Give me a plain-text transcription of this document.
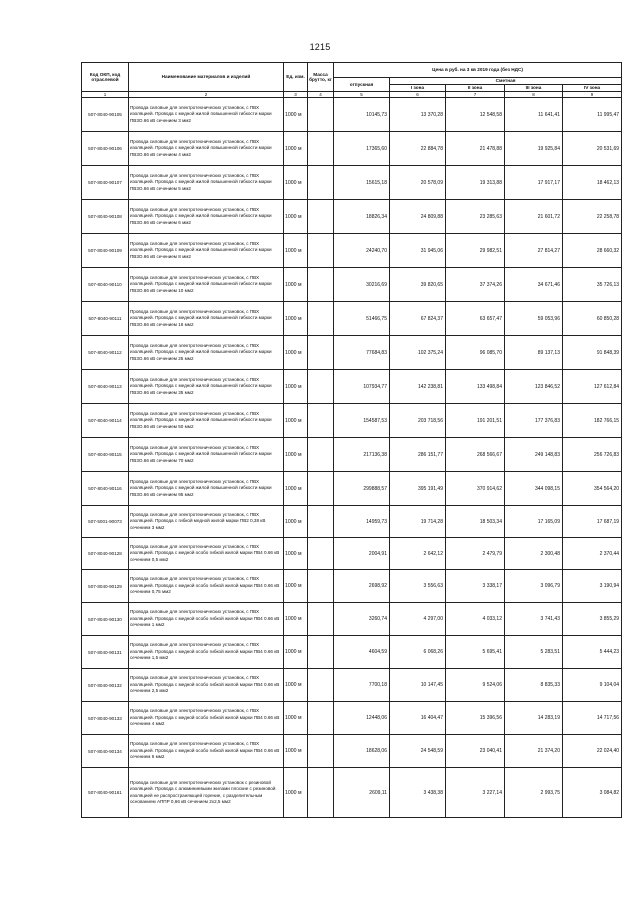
1215
Код ОКП, код отраслевой	Наименование материалов и изделий	Ед. изм.	Масса брутто, кг	Цена в руб. на 3 кв 2019 года (без НДС)				
				отпускная	Сметная			
					I зона	II зона	III зона	IV зона
1	2	3	4	5	6	7	8	9
507-8040-90105	Провода силовые для электротехнических установок, с ПВХ изоляцией. Провода с медной жилой повышенной гибкости марки ПВ3О.66 кВ сечением 3 мм2	1000 м		10145,73	13 370,28	12 548,58	11 641,41	11 995,47
507-8040-90106	Провода силовые для электротехнических установок, с ПВХ изоляцией. Провода с медной жилой повышенной гибкости марки ПВ3О.66 кВ сечением 4 мм2	1000 м		17365,60	22 884,78	21 478,88	19 925,84	20 531,69
507-8040-90107	Провода силовые для электротехнических установок, с ПВХ изоляцией. Провода с медной жилой повышенной гибкости марки ПВ3О.66 кВ сечением 5 мм2	1000 м		15615,18	20 578,09	19 313,88	17 917,17	18 462,13
507-8040-90108	Провода силовые для электротехнических установок, с ПВХ изоляцией. Провода с медной жилой повышенной гибкости марки ПВ3О.66 кВ сечением 6 мм2	1000 м		18826,34	24 809,88	23 285,63	21 601,72	22 258,78
507-8040-90109	Провода силовые для электротехнических установок, с ПВХ изоляцией. Провода с медной жилой повышенной гибкости марки ПВ3О.66 кВ сечением 8 мм2	1000 м		24240,70	31 945,06	29 982,51	27 814,27	28 660,32
507-8040-90110	Провода силовые для электротехнических установок, с ПВХ изоляцией. Провода с медной жилой повышенной гибкости марки ПВ3О.66 кВ сечением 10 мм2	1000 м		30216,69	39 820,65	37 374,26	34 671,46	35 726,13
507-8040-90111	Провода силовые для электротехнических установок, с ПВХ изоляцией. Провода с медной жилой повышенной гибкости марки ПВ3О.66 кВ сечением 16 мм2	1000 м		51466,75	67 824,37	63 657,47	59 053,96	60 850,28
507-8040-90112	Провода силовые для электротехнических установок, с ПВХ изоляцией. Провода с медной жилой повышенной гибкости марки ПВ3О.66 кВ сечением 25 мм2	1000 м		77684,83	102 375,24	96 085,70	89 137,13	91 848,39
507-8040-90113	Провода силовые для электротехнических установок, с ПВХ изоляцией. Провода с медной жилой повышенной гибкости марки ПВ3О.66 кВ сечением 35 мм2	1000 м		107934,77	142 238,81	133 498,84	123 846,52	127 612,84
507-8040-90114	Провода силовые для электротехнических установок, с ПВХ изоляцией. Провода с медной жилой повышенной гибкости марки ПВ3О.66 кВ сечением 50 мм2	1000 м		154587,53	203 718,56	191 201,51	177 376,83	182 766,15
507-8040-90115	Провода силовые для электротехнических установок, с ПВХ изоляцией. Провода с медной жилой повышенной гибкости марки ПВ3О.66 кВ сечением 70 мм2	1000 м		217136,38	286 151,77	268 566,67	249 148,83	256 726,83
507-8040-90116	Провода силовые для электротехнических установок, с ПВХ изоляцией. Провода с медной жилой повышенной гибкости марки ПВ3О.66 кВ сечением 95 мм2	1000 м		299888,57	395 191,49	370 914,62	344 098,15	354 564,20
507-5001-90073	Провода силовые для электротехнических установок, с ПВХ изоляцией. Провода с гибкой медной жилой марки ПВ2 0,38 кВ сечением 3 мм2	1000 м		14959,73	19 714,28	18 503,34	17 165,09	17 687,19
507-8040-90128	Провода силовые для электротехнических установок, с ПВХ изоляцией. Провода с медной особо гибкой жилой марки ПВ4 0.66 кВ сечением 0,5 мм2	1000 м		2004,91	2 642,12	2 479,79	2 300,48	2 370,44
507-8040-90129	Провода силовые для электротехнических установок, с ПВХ изоляцией. Провода с медной особо гибкой жилой марки ПВ4 0.66 кВ сечением 0,75 мм2	1000 м		2698,92	3 556,63	3 338,17	3 096,79	3 190,94
507-8040-90130	Провода силовые для электротехнических установок, с ПВХ изоляцией. Провода с медной особо гибкой жилой марки ПВ4 0.66 кВ сечением 1 мм2	1000 м		3260,74	4 297,00	4 033,12	3 741,43	3 855,29
507-8040-90131	Провода силовые для электротехнических установок, с ПВХ изоляцией. Провода с медной особо гибкой жилой марки ПВ4 0.66 кВ сечением 1,5 мм2	1000 м		4604,59	6 068,26	5 695,41	5 283,51	5 444,23
507-8040-90132	Провода силовые для электротехнических установок, с ПВХ изоляцией. Провода с медной особо гибкой жилой марки ПВ4 0.66 кВ сечением 2,5 мм2	1000 м		7700,18	10 147,45	9 524,06	8 835,33	9 104,04
507-8040-90133	Провода силовые для электротехнических установок, с ПВХ изоляцией. Провода с медной особо гибкой жилой марки ПВ4 0.66 кВ сечением 4 мм2	1000 м		12448,06	16 404,47	15 396,56	14 283,19	14 717,56
507-8040-90134	Провода силовые для электротехнических установок, с ПВХ изоляцией. Провода с медной особо гибкой жилой марки ПВ4 0.66 кВ сечением 6 мм2	1000 м		18628,06	24 548,59	23 040,41	21 374,20	22 024,40
507-8040-90161	Провода силовые для электротехнических установок с резиновой изоляцией. Провода с алюминиевыми жилами плоские с резиновой изоляцией не распространяющей горение, с разделительным основанием АППР 0,66 кВ сечением 2х2,5 мм2	1000 м		2609,11	3 438,38	3 227,14	2 993,75	3 084,82
